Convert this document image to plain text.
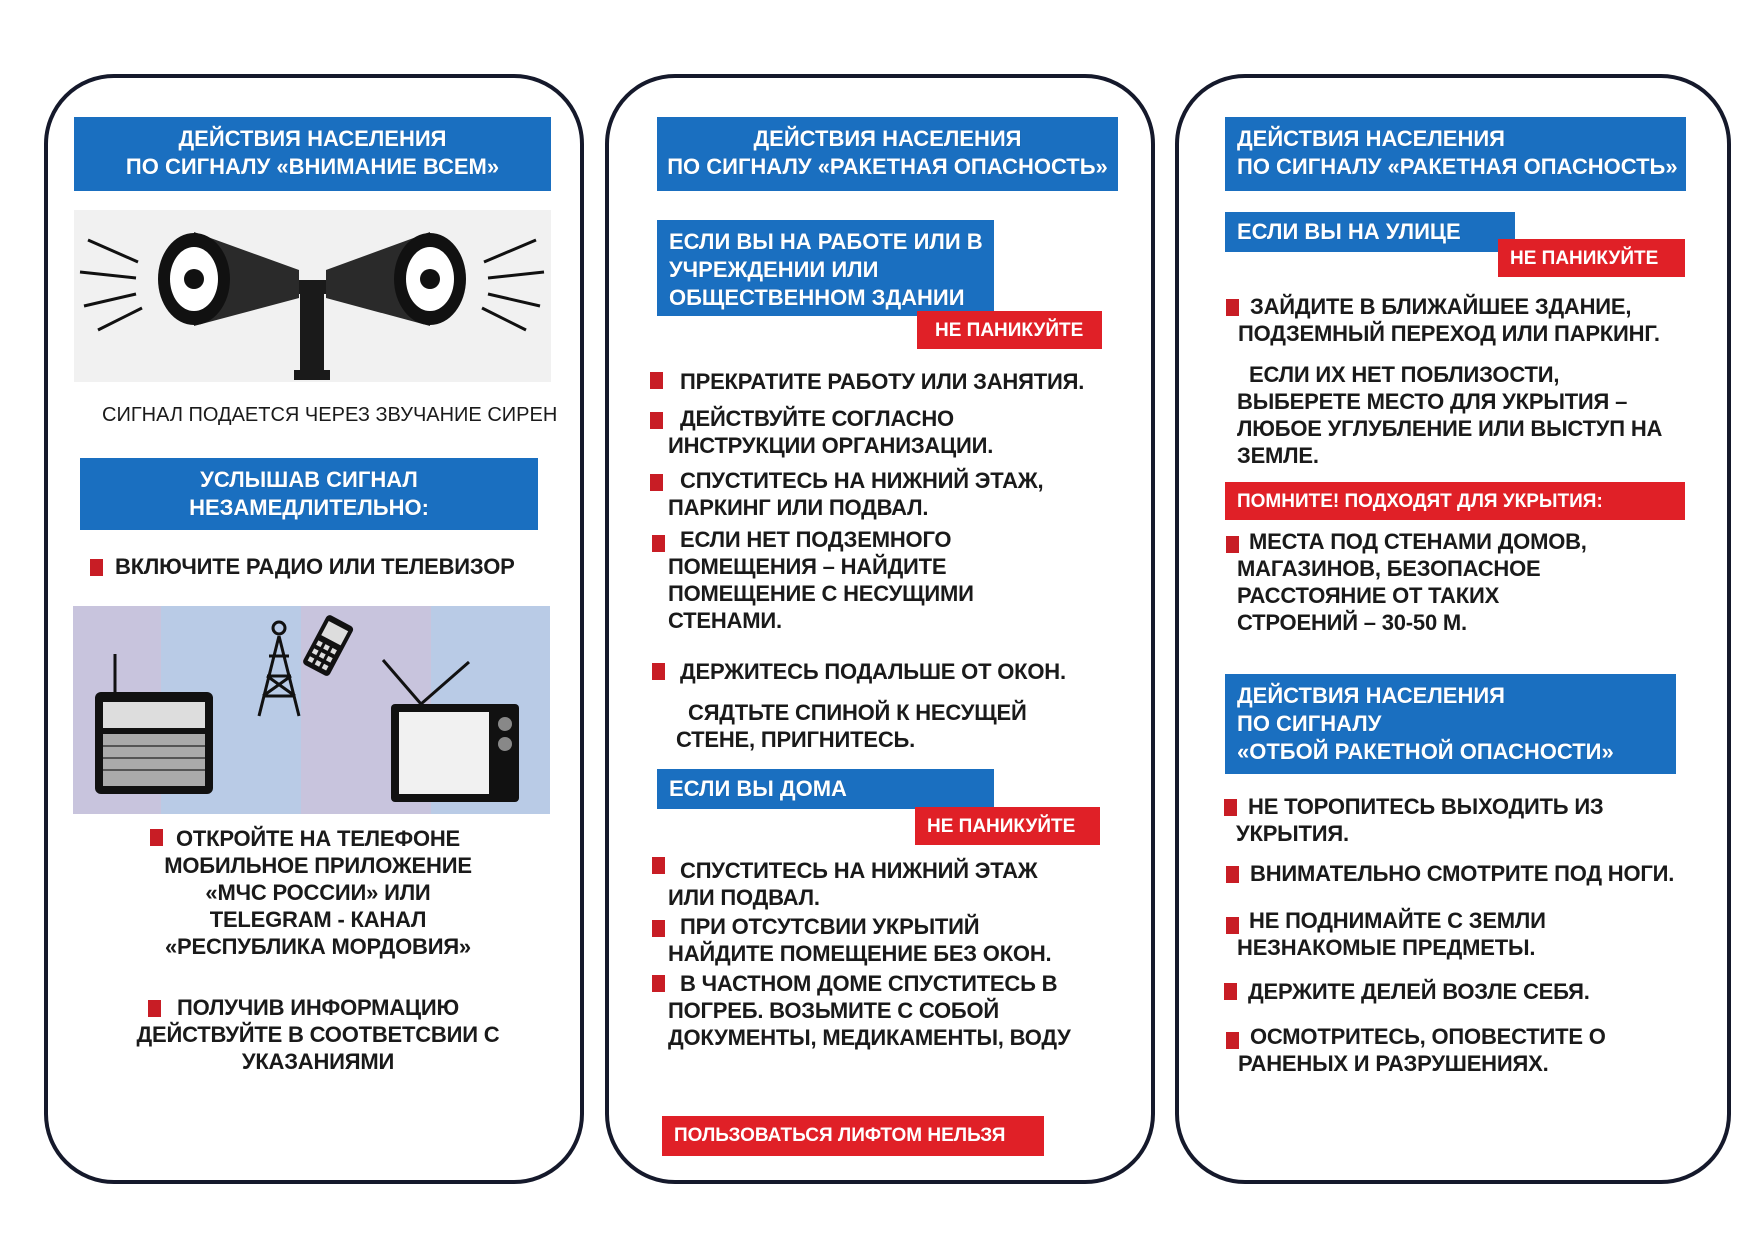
ДЕЙСТВИЯ НАСЕЛЕНИЯ
ПО СИГНАЛУ «ВНИМАНИЕ ВСЕМ»
СИГНАЛ ПОДАЕТСЯ ЧЕРЕЗ ЗВУЧАНИЕ СИРЕН
УСЛЫШАВ СИГНАЛ
НЕЗАМЕДЛИТЕЛЬНО:
ВКЛЮЧИТЕ РАДИО ИЛИ ТЕЛЕВИЗОР
ОТКРОЙТЕ НА ТЕЛЕФОНЕ
МОБИЛЬНОЕ ПРИЛОЖЕНИЕ
«МЧС РОССИИ» ИЛИ
TELEGRAM - КАНАЛ
«РЕСПУБЛИКА МОРДОВИЯ»
ПОЛУЧИВ ИНФОРМАЦИЮ
ДЕЙСТВУЙТЕ В СООТВЕТСВИИ С
УКАЗАНИЯМИ
ДЕЙСТВИЯ НАСЕЛЕНИЯ
ПО СИГНАЛУ «РАКЕТНАЯ ОПАСНОСТЬ»
ЕСЛИ ВЫ НА РАБОТЕ ИЛИ В
УЧРЕЖДЕНИИ ИЛИ
ОБЩЕСТВЕННОМ ЗДАНИИ
НЕ ПАНИКУЙТЕ
ПРЕКРАТИТЕ РАБОТУ ИЛИ ЗАНЯТИЯ.
ДЕЙСТВУЙТЕ СОГЛАСНО
ИНСТРУКЦИИ ОРГАНИЗАЦИИ.
СПУСТИТЕСЬ НА НИЖНИЙ ЭТАЖ,
ПАРКИНГ ИЛИ ПОДВАЛ.
ЕСЛИ НЕТ ПОДЗЕМНОГО
ПОМЕЩЕНИЯ – НАЙДИТЕ
ПОМЕЩЕНИЕ С НЕСУЩИМИ
СТЕНАМИ.
ДЕРЖИТЕСЬ ПОДАЛЬШЕ ОТ ОКОН.
СЯДТЬТЕ СПИНОЙ К НЕСУЩЕЙ
СТЕНЕ, ПРИГНИТЕСЬ.
ЕСЛИ ВЫ ДОМА
НЕ ПАНИКУЙТЕ
СПУСТИТЕСЬ НА НИЖНИЙ ЭТАЖ
ИЛИ ПОДВАЛ.
ПРИ ОТСУТСВИИ УКРЫТИЙ
НАЙДИТЕ ПОМЕЩЕНИЕ БЕЗ ОКОН.
В ЧАСТНОМ ДОМЕ СПУСТИТЕСЬ В
ПОГРЕБ. ВОЗЬМИТЕ С СОБОЙ
ДОКУМЕНТЫ, МЕДИКАМЕНТЫ, ВОДУ
ПОЛЬЗОВАТЬСЯ ЛИФТОМ НЕЛЬЗЯ
ДЕЙСТВИЯ НАСЕЛЕНИЯ
ПО СИГНАЛУ «РАКЕТНАЯ ОПАСНОСТЬ»
ЕСЛИ ВЫ НА УЛИЦЕ
НЕ ПАНИКУЙТЕ
ЗАЙДИТЕ В БЛИЖАЙШЕЕ ЗДАНИЕ,
ПОДЗЕМНЫЙ ПЕРЕХОД ИЛИ ПАРКИНГ.
ЕСЛИ ИХ НЕТ ПОБЛИЗОСТИ,
ВЫБЕРЕТЕ МЕСТО ДЛЯ УКРЫТИЯ –
ЛЮБОЕ УГЛУБЛЕНИЕ ИЛИ ВЫСТУП НА
ЗЕМЛЕ.
ПОМНИТЕ! ПОДХОДЯТ ДЛЯ УКРЫТИЯ:
МЕСТА ПОД СТЕНАМИ ДОМОВ,
МАГАЗИНОВ, БЕЗОПАСНОЕ
РАССТОЯНИЕ ОТ ТАКИХ
СТРОЕНИЙ – 30-50 М.
ДЕЙСТВИЯ НАСЕЛЕНИЯ
ПО СИГНАЛУ
«ОТБОЙ РАКЕТНОЙ ОПАСНОСТИ»
НЕ ТОРОПИТЕСЬ ВЫХОДИТЬ ИЗ
УКРЫТИЯ.
ВНИМАТЕЛЬНО СМОТРИТЕ ПОД НОГИ.
НЕ ПОДНИМАЙТЕ С ЗЕМЛИ
НЕЗНАКОМЫЕ ПРЕДМЕТЫ.
ДЕРЖИТЕ ДЕЛЕЙ ВОЗЛЕ СЕБЯ.
ОСМОТРИТЕСЬ, ОПОВЕСТИТЕ О
РАНЕНЫХ И РАЗРУШЕНИЯХ.
